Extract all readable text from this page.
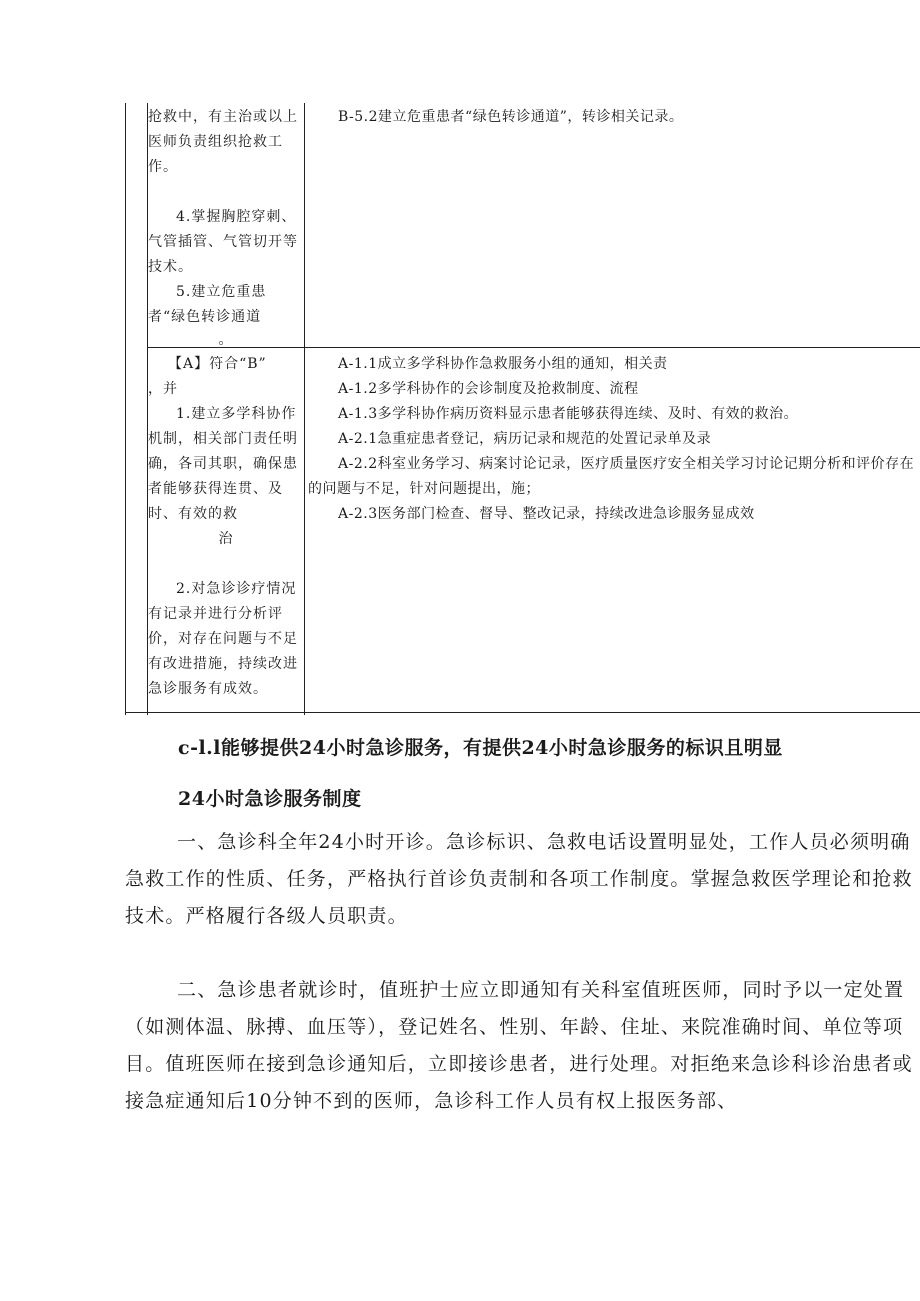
抢救中，有主治或以上医师负责组织抢救工作。
4.掌握胸腔穿刺、气管插管、气管切开等技术。
5.建立危重患者“绿色转诊通道
。
B-5.2建立危重患者“绿色转诊通道”，转诊相关记录。
【A】符合“B”
，并
1.建立多学科协作机制，相关部门责任明确，各司其职，确保患者能够获得连贯、及时、有效的救
治
2.对急诊诊疗情况有记录并进行分析评价，对存在问题与不足有改进措施，持续改进急诊服务有成效。
A-1.1成立多学科协作急救服务小组的通知，相关责
A-1.2多学科协作的会诊制度及抢救制度、流程
A-1.3多学科协作病历资料显示患者能够获得连续、及时、有效的救治。
A-2.1急重症患者登记，病历记录和规范的处置记录单及录
A-2.2科室业务学习、病案讨论记录，医疗质量医疗安全相关学习讨论记期分析和评价存在的问题与不足，针对问题提出，施；
A-2.3医务部门检查、督导、整改记录，持续改进急诊服务显成效
c-l.l能够提供24小时急诊服务，有提供24小时急诊服务的标识且明显
24小时急诊服务制度
一、急诊科全年24小时开诊。急诊标识、急救电话设置明显处，工作人员必须明确急救工作的性质、任务，严格执行首诊负责制和各项工作制度。掌握急救医学理论和抢救技术。严格履行各级人员职责。
二、急诊患者就诊时，值班护士应立即通知有关科室值班医师，同时予以一定处置（如测体温、脉搏、血压等），登记姓名、性别、年龄、住址、来院准确时间、单位等项目。值班医师在接到急诊通知后，立即接诊患者，进行处理。对拒绝来急诊科诊治患者或接急症通知后10分钟不到的医师，急诊科工作人员有权上报医务部、
